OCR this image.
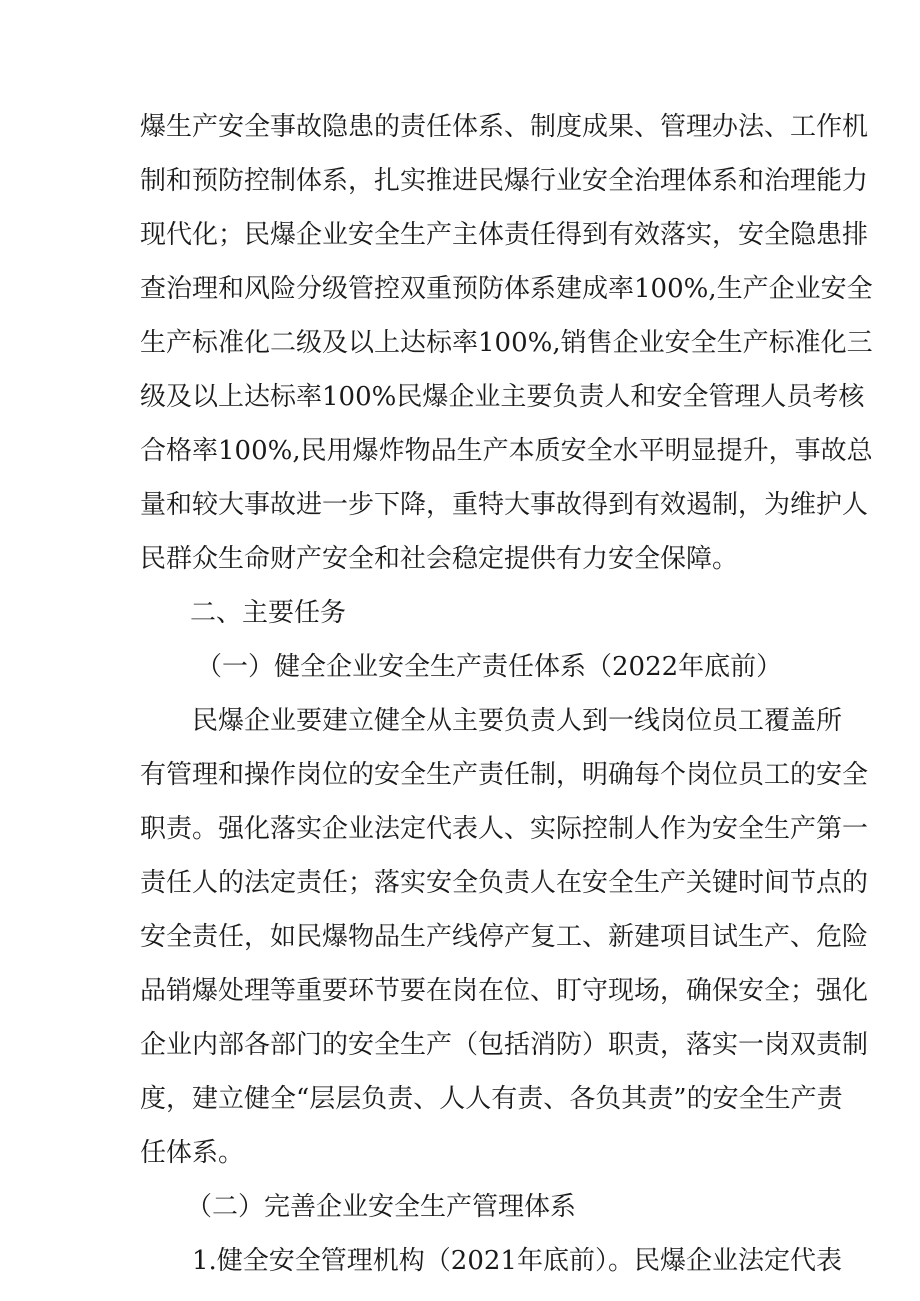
爆生产安全事故隐患的责任体系、制度成果、管理办法、工作机
制和预防控制体系，扎实推进民爆行业安全治理体系和治理能力
现代化；民爆企业安全生产主体责任得到有效落实，安全隐患排
查治理和风险分级管控双重预防体系建成率100%,生产企业安全
生产标准化二级及以上达标率100%,销售企业安全生产标准化三
级及以上达标率100%民爆企业主要负责人和安全管理人员考核
合格率100%,民用爆炸物品生产本质安全水平明显提升，事故总
量和较大事故进一步下降，重特大事故得到有效遏制，为维护人
民群众生命财产安全和社会稳定提供有力安全保障。
二、主要任务
（一）健全企业安全生产责任体系（2022年底前）
民爆企业要建立健全从主要负责人到一线岗位员工覆盖所
有管理和操作岗位的安全生产责任制，明确每个岗位员工的安全
职责。强化落实企业法定代表人、实际控制人作为安全生产第一
责任人的法定责任；落实安全负责人在安全生产关键时间节点的
安全责任，如民爆物品生产线停产复工、新建项目试生产、危险
品销爆处理等重要环节要在岗在位、盯守现场，确保安全；强化
企业内部各部门的安全生产（包括消防）职责，落实一岗双责制
度，建立健全“层层负责、人人有责、各负其责”的安全生产责
任体系。
（二）完善企业安全生产管理体系
1.健全安全管理机构（2021年底前）。民爆企业法定代表
